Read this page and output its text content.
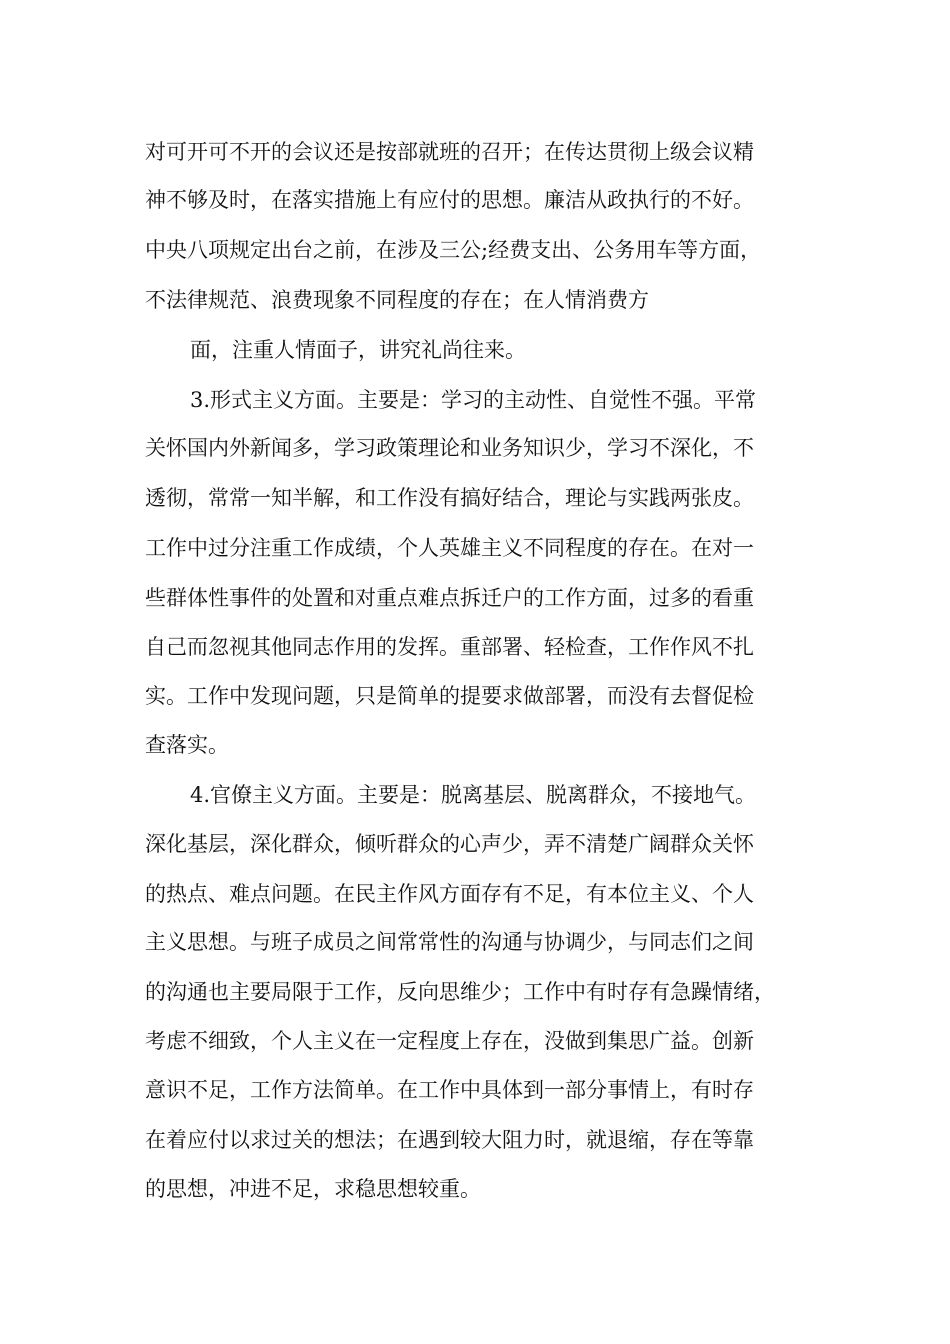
对可开可不开的会议还是按部就班的召开；在传达贯彻上级会议精
神不够及时，在落实措施上有应付的思想。廉洁从政执行的不好。
中央八项规定出台之前，在涉及三公;经费支出、公务用车等方面，
不法律规范、浪费现象不同程度的存在；在人情消费方
面，注重人情面子，讲究礼尚往来。
3.形式主义方面。主要是：学习的主动性、自觉性不强。平常
关怀国内外新闻多，学习政策理论和业务知识少，学习不深化，不
透彻，常常一知半解，和工作没有搞好结合，理论与实践两张皮。
工作中过分注重工作成绩，个人英雄主义不同程度的存在。在对一
些群体性事件的处置和对重点难点拆迁户的工作方面，过多的看重
自己而忽视其他同志作用的发挥。重部署、轻检查，工作作风不扎
实。工作中发现问题，只是简单的提要求做部署，而没有去督促检
查落实。
4.官僚主义方面。主要是：脱离基层、脱离群众，不接地气。
深化基层，深化群众，倾听群众的心声少，弄不清楚广阔群众关怀
的热点、难点问题。在民主作风方面存有不足，有本位主义、个人
主义思想。与班子成员之间常常性的沟通与协调少，与同志们之间
的沟通也主要局限于工作，反向思维少；工作中有时存有急躁情绪，
考虑不细致，个人主义在一定程度上存在，没做到集思广益。创新
意识不足，工作方法简单。在工作中具体到一部分事情上，有时存
在着应付以求过关的想法；在遇到较大阻力时，就退缩，存在等靠
的思想，冲进不足，求稳思想较重。
